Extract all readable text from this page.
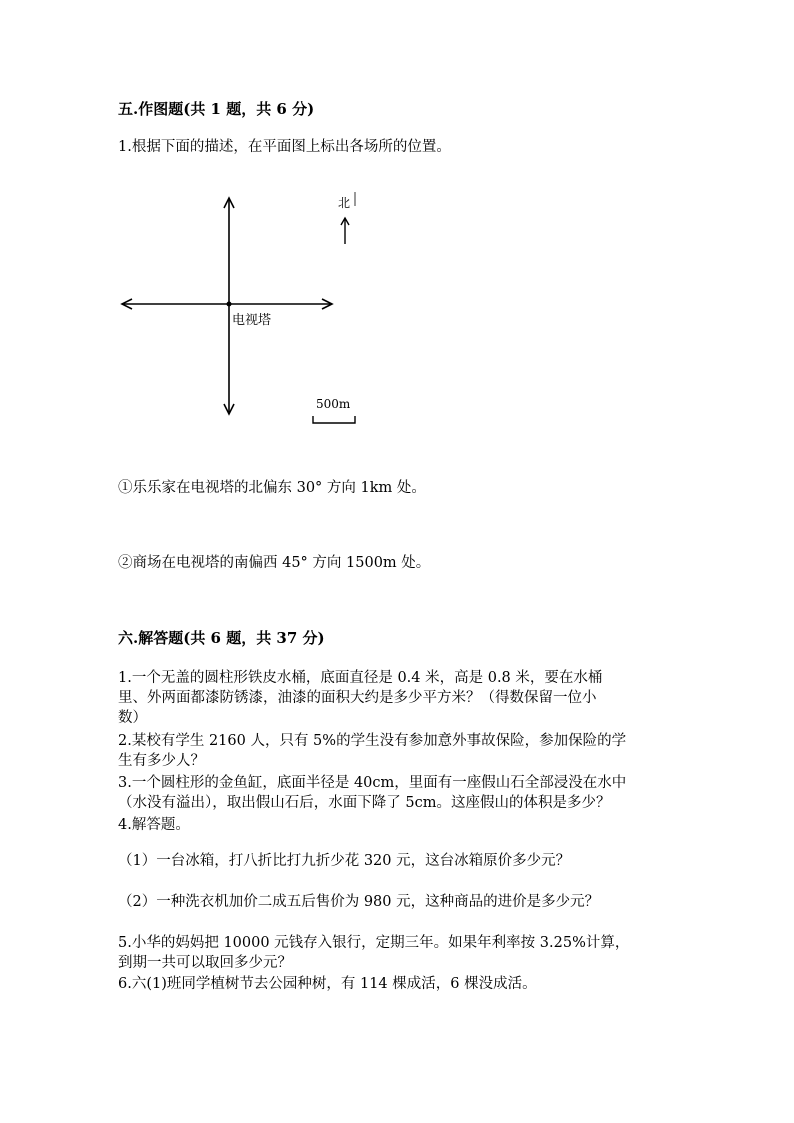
五.作图题(共 1 题，共 6 分)
1.根据下面的描述，在平面图上标出各场所的位置。
电视塔
北
500m
①乐乐家在电视塔的北偏东 30° 方向 1km 处。
②商场在电视塔的南偏西 45° 方向 1500m 处。
六.解答题(共 6 题，共 37 分)
1.一个无盖的圆柱形铁皮水桶，底面直径是 0.4 米，高是 0.8 米，要在水桶
里、外两面都漆防锈漆，油漆的面积大约是多少平方米？（得数保留一位小
数）
2.某校有学生 2160 人，只有 5%的学生没有参加意外事故保险，参加保险的学
生有多少人？
3.一个圆柱形的金鱼缸，底面半径是 40cm，里面有一座假山石全部浸没在水中
（水没有溢出），取出假山石后，水面下降了 5cm。这座假山的体积是多少？
4.解答题。
（1）一台冰箱，打八折比打九折少花 320 元，这台冰箱原价多少元？
（2）一种洗衣机加价二成五后售价为 980 元，这种商品的进价是多少元？
5.小华的妈妈把 10000 元钱存入银行，定期三年。如果年利率按 3.25%计算，
到期一共可以取回多少元？
6.六(1)班同学植树节去公园种树，有 114 棵成活，6 棵没成活。
